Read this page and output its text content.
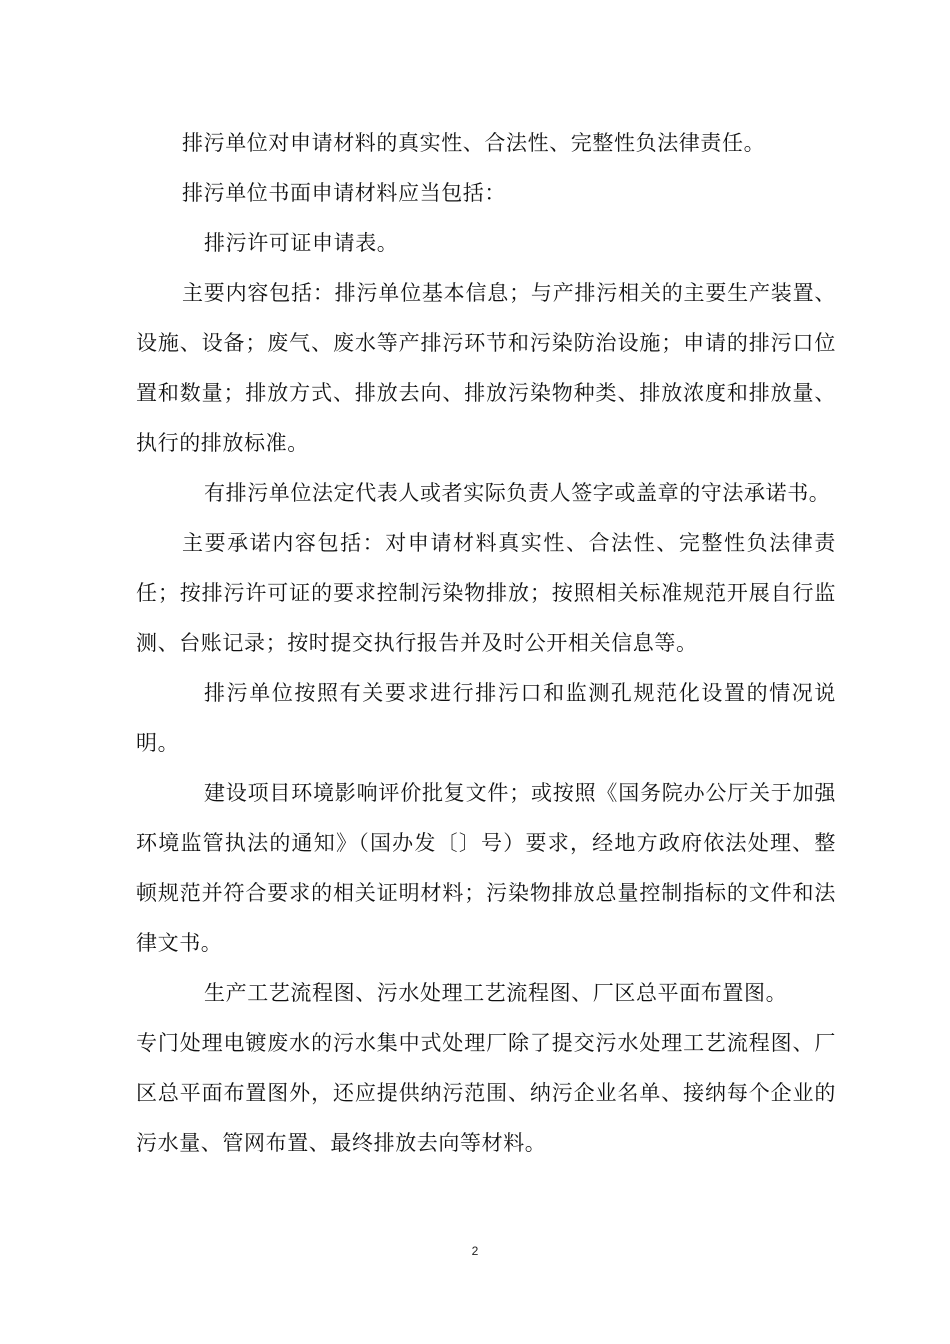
排污单位对申请材料的真实性、合法性、完整性负法律责任。

排污单位书面申请材料应当包括：

排污许可证申请表。

主要内容包括：排污单位基本信息；与产排污相关的主要生产装置、设施、设备；废气、废水等产排污环节和污染防治设施；申请的排污口位置和数量；排放方式、排放去向、排放污染物种类、排放浓度和排放量、执行的排放标准。

有排污单位法定代表人或者实际负责人签字或盖章的守法承诺书。

主要承诺内容包括：对申请材料真实性、合法性、完整性负法律责任；按排污许可证的要求控制污染物排放；按照相关标准规范开展自行监测、台账记录；按时提交执行报告并及时公开相关信息等。

排污单位按照有关要求进行排污口和监测孔规范化设置的情况说明。

建设项目环境影响评价批复文件；或按照《国务院办公厅关于加强环境监管执法的通知》（国办发〔〕号）要求，经地方政府依法处理、整顿规范并符合要求的相关证明材料；污染物排放总量控制指标的文件和法律文书。

生产工艺流程图、污水处理工艺流程图、厂区总平面布置图。

专门处理电镀废水的污水集中式处理厂除了提交污水处理工艺流程图、厂区总平面布置图外，还应提供纳污范围、纳污企业名单、接纳每个企业的污水量、管网布置、最终排放去向等材料。

2
